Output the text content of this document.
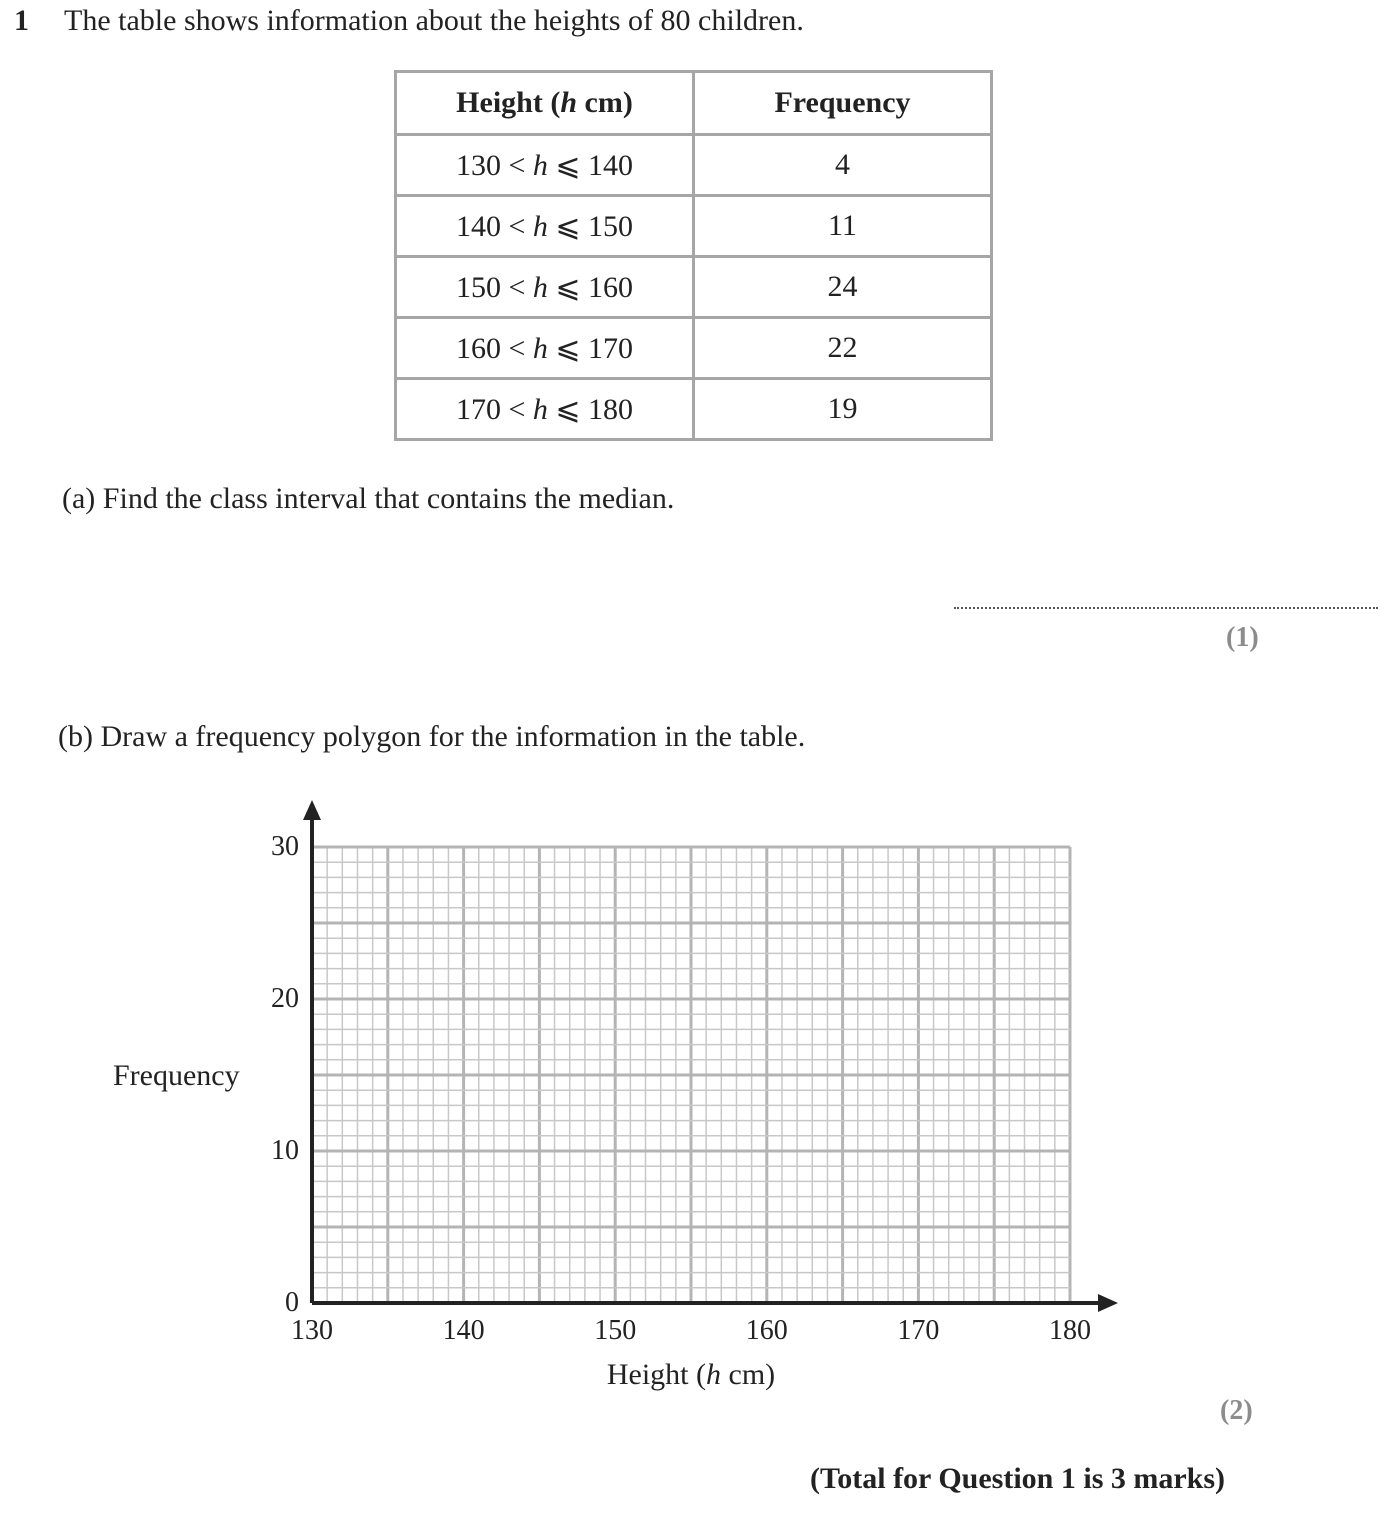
1 The table shows information about the heights of 80 children.
Height (h cm)	Frequency
130 < h ⩽ 140	4
140 < h ⩽ 150	11
150 < h ⩽ 160	24
160 < h ⩽ 170	22
170 < h ⩽ 180	19
(a) Find the class interval that contains the median.
(1)
(b) Draw a frequency polygon for the information in the table.
130	140	150	160	170	180
0
10
20
30
Height (h cm)
Frequency
(2)
(Total for Question 1 is 3 marks)
